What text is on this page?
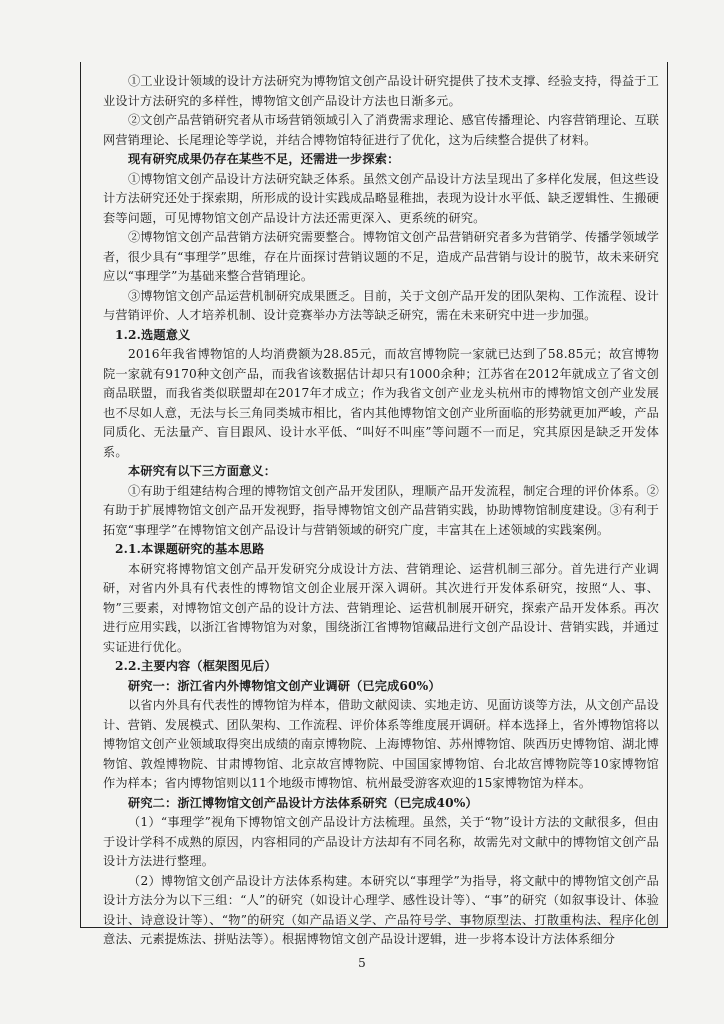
①工业设计领域的设计方法研究为博物馆文创产品设计研究提供了技术支撑、经验支持，得益于工业设计方法研究的多样性，博物馆文创产品设计方法也日渐多元。

②文创产品营销研究者从市场营销领域引入了消费需求理论、感官传播理论、内容营销理论、互联网营销理论、长尾理论等学说，并结合博物馆特征进行了优化，这为后续整合提供了材料。

现有研究成果仍存在某些不足，还需进一步探索：

①博物馆文创产品设计方法研究缺乏体系。虽然文创产品设计方法呈现出了多样化发展，但这些设计方法研究还处于探索期，所形成的设计实践成品略显稚拙，表现为设计水平低、缺乏逻辑性、生搬硬套等问题，可见博物馆文创产品设计方法还需更深入、更系统的研究。

②博物馆文创产品营销方法研究需要整合。博物馆文创产品营销研究者多为营销学、传播学领域学者，很少具有“事理学”思维，存在片面探讨营销议题的不足，造成产品营销与设计的脱节，故未来研究应以“事理学”为基础来整合营销理论。

③博物馆文创产品运营机制研究成果匮乏。目前，关于文创产品开发的团队架构、工作流程、设计与营销评价、人才培养机制、设计竞赛举办方法等缺乏研究，需在未来研究中进一步加强。

1.2.选题意义

2016年我省博物馆的人均消费额为28.85元，而故宫博物院一家就已达到了58.85元；故宫博物院一家就有9170种文创产品，而我省该数据估计却只有1000余种；江苏省在2012年就成立了省文创商品联盟，而我省类似联盟却在2017年才成立；作为我省文创产业龙头杭州市的博物馆文创产业发展也不尽如人意，无法与长三角同类城市相比，省内其他博物馆文创产业所面临的形势就更加严峻，产品同质化、无法量产、盲目跟风、设计水平低、“叫好不叫座”等问题不一而足，究其原因是缺乏开发体系。

本研究有以下三方面意义：

①有助于组建结构合理的博物馆文创产品开发团队，理顺产品开发流程，制定合理的评价体系。②有助于扩展博物馆文创产品开发视野，指导博物馆文创产品营销实践，协助博物馆制度建设。③有利于拓宽“事理学”在博物馆文创产品设计与营销领域的研究广度，丰富其在上述领域的实践案例。

2.1.本课题研究的基本思路

本研究将博物馆文创产品开发研究分成设计方法、营销理论、运营机制三部分。首先进行产业调研，对省内外具有代表性的博物馆文创企业展开深入调研。其次进行开发体系研究，按照“人、事、物”三要素，对博物馆文创产品的设计方法、营销理论、运营机制展开研究，探索产品开发体系。再次进行应用实践，以浙江省博物馆为对象，围绕浙江省博物馆藏品进行文创产品设计、营销实践，并通过实证进行优化。

2.2.主要内容（框架图见后）

研究一：浙江省内外博物馆文创产业调研（已完成60%）

以省内外具有代表性的博物馆为样本，借助文献阅读、实地走访、见面访谈等方法，从文创产品设计、营销、发展模式、团队架构、工作流程、评价体系等维度展开调研。样本选择上，省外博物馆将以博物馆文创产业领域取得突出成绩的南京博物院、上海博物馆、苏州博物馆、陕西历史博物馆、湖北博物馆、敦煌博物院、甘肃博物馆、北京故宫博物院、中国国家博物馆、台北故宫博物院等10家博物馆作为样本；省内博物馆则以11个地级市博物馆、杭州最受游客欢迎的15家博物馆为样本。

研究二：浙江博物馆文创产品设计方法体系研究（已完成40%）

（1）“事理学”视角下博物馆文创产品设计方法梳理。虽然，关于“物”设计方法的文献很多，但由于设计学科不成熟的原因，内容相同的产品设计方法却有不同名称，故需先对文献中的博物馆文创产品设计方法进行整理。

（2）博物馆文创产品设计方法体系构建。本研究以“事理学”为指导，将文献中的博物馆文创产品设计方法分为以下三组：“人”的研究（如设计心理学、感性设计等）、“事”的研究（如叙事设计、体验设计、诗意设计等）、“物”的研究（如产品语义学、产品符号学、事物原型法、打散重构法、程序化创意法、元素提炼法、拼贴法等）。根据博物馆文创产品设计逻辑，进一步将本设计方法体系细分

5
